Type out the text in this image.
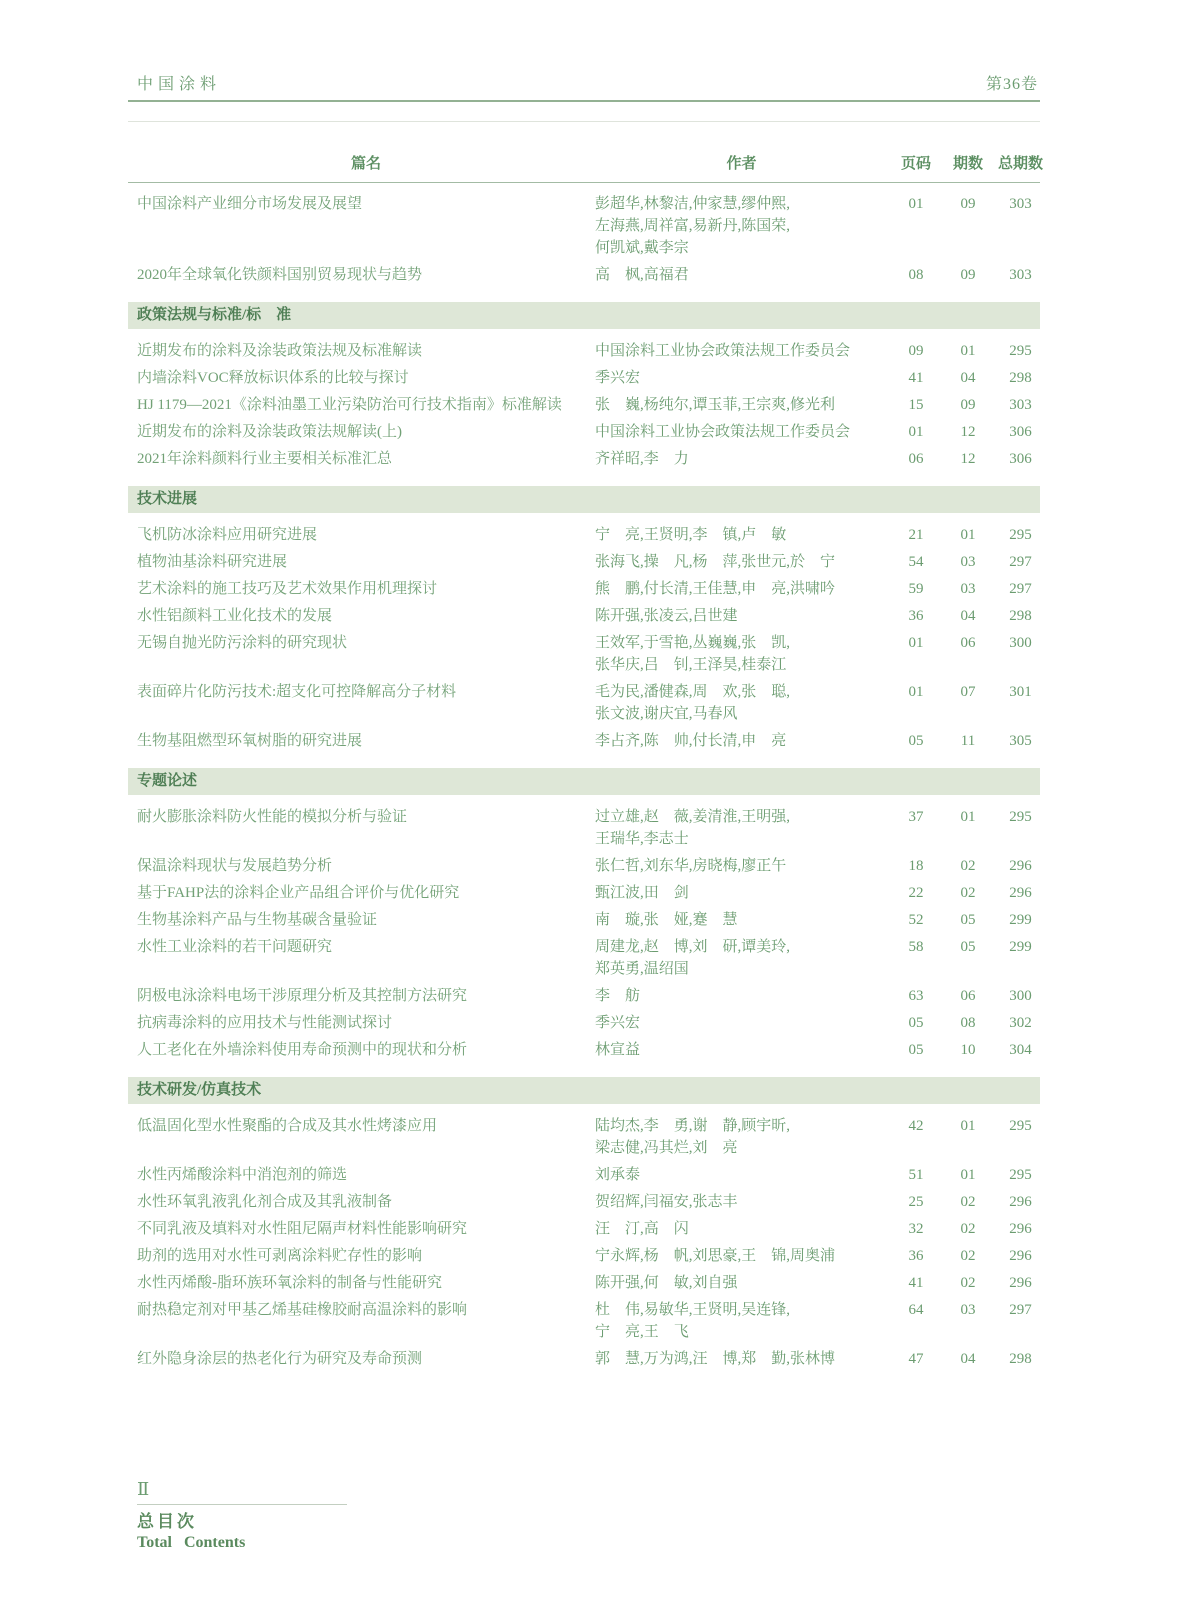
中国涂料	第36卷
篇名	作者	页码	期数 总期数
中国涂料产业细分市场发展及展望	彭超华,林黎洁,仲家慧,缪仲熙,
左海燕,周祥富,易新丹,陈国荣,
何凯斌,戴李宗
01	09	303
2020年全球氧化铁颜料国别贸易现状与趋势	高　枫,高福君	08	09	303
政策法规与标准/标　准
近期发布的涂料及涂装政策法规及标准解读	中国涂料工业协会政策法规工作委员会	09	01	295
内墙涂料VOC释放标识体系的比较与探讨	季兴宏	41	04	298
HJ 1179—2021《涂料油墨工业污染防治可行技术指南》标准解读	张　巍,杨纯尔,谭玉菲,王宗爽,修光利	15	09	303
近期发布的涂料及涂装政策法规解读(上)	中国涂料工业协会政策法规工作委员会	01	12	306
2021年涂料颜料行业主要相关标准汇总	齐祥昭,李　力	06	12	306
技术进展
飞机防冰涂料应用研究进展	宁　亮,王贤明,李　镇,卢　敏	21	01	295
植物油基涂料研究进展	张海飞,操　凡,杨　萍,张世元,於　宁	54	03	297
艺术涂料的施工技巧及艺术效果作用机理探讨	熊　鹏,付长清,王佳慧,申　亮,洪啸吟	59	03	297
水性铝颜料工业化技术的发展	陈开强,张凌云,吕世建	36	04	298
无锡自抛光防污涂料的研究现状	王效军,于雪艳,丛巍巍,张　凯,
张华庆,吕　钊,王泽昊,桂泰江
01	06	300
表面碎片化防污技术:超支化可控降解高分子材料	毛为民,潘健森,周　欢,张　聪,
张文波,谢庆宜,马春风
01	07	301
生物基阻燃型环氧树脂的研究进展	李占齐,陈　帅,付长清,申　亮	05	11	305
专题论述
耐火膨胀涂料防火性能的模拟分析与验证	过立雄,赵　薇,姜清淮,王明强,
王瑞华,李志士
37	01	295
保温涂料现状与发展趋势分析	张仁哲,刘东华,房晓梅,廖正午	18	02	296
基于FAHP法的涂料企业产品组合评价与优化研究	甄江波,田　剑	22	02	296
生物基涂料产品与生物基碳含量验证	南　璇,张　娅,蹇　慧	52	05	299
水性工业涂料的若干问题研究	周建龙,赵　博,刘　研,谭美玲,
郑英勇,温绍国
58	05	299
阴极电泳涂料电场干涉原理分析及其控制方法研究	李　舫	63	06	300
抗病毒涂料的应用技术与性能测试探讨	季兴宏	05	08	302
人工老化在外墙涂料使用寿命预测中的现状和分析	林宣益	05	10	304
技术研发/仿真技术
低温固化型水性聚酯的合成及其水性烤漆应用	陆均杰,李　勇,谢　静,顾宇昕,
梁志健,冯其烂,刘　亮
42	01	295
水性丙烯酸涂料中消泡剂的筛选	刘承泰	51	01	295
水性环氧乳液乳化剂合成及其乳液制备	贺绍辉,闫福安,张志丰	25	02	296
不同乳液及填料对水性阻尼隔声材料性能影响研究	汪　汀,高　闪	32	02	296
助剂的选用对水性可剥离涂料贮存性的影响	宁永辉,杨　帆,刘思豪,王　锦,周奥浦	36	02	296
水性丙烯酸-脂环族环氧涂料的制备与性能研究	陈开强,何　敏,刘自强	41	02	296
耐热稳定剂对甲基乙烯基硅橡胶耐高温涂料的影响	杜　伟,易敏华,王贤明,吴连锋,
宁　亮,王　飞
64	03	297
红外隐身涂层的热老化行为研究及寿命预测	郭　慧,万为鸿,汪　博,郑　勤,张林博	47	04	298
Ⅱ
总目次
Total Contents
